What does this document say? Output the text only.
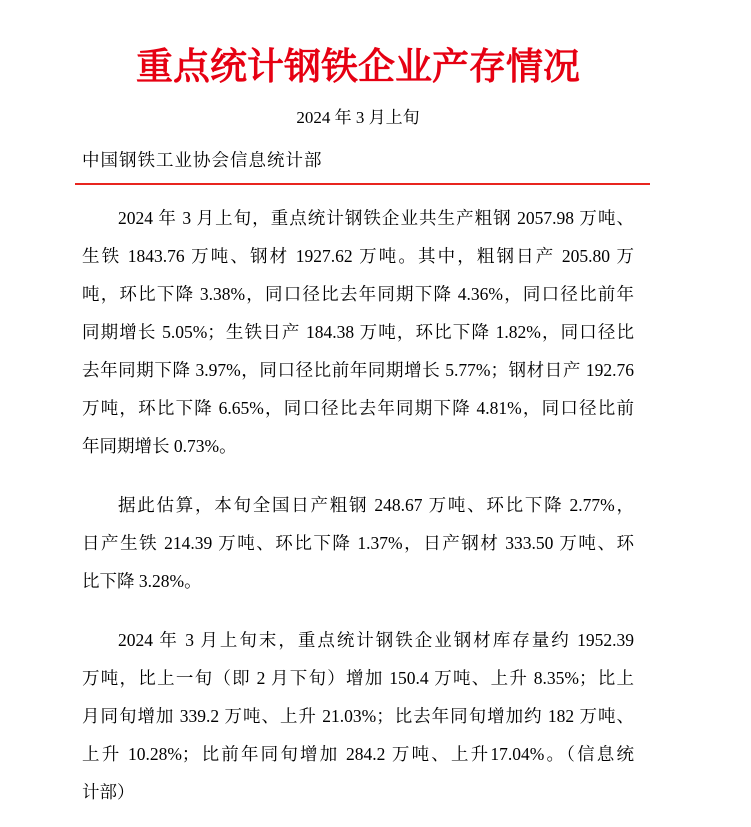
重点统计钢铁企业产存情况
2024 年 3 月上旬
中国钢铁工业协会信息统计部

2024 年 3 月上旬，重点统计钢铁企业共生产粗钢 2057.98 万吨、
生铁 1843.76 万吨、钢材 1927.62 万吨。其中，粗钢日产 205.80 万
吨，环比下降 3.38%，同口径比去年同期下降 4.36%，同口径比前年
同期增长 5.05%；生铁日产 184.38 万吨，环比下降 1.82%，同口径比
去年同期下降 3.97%，同口径比前年同期增长 5.77%；钢材日产 192.76
万吨，环比下降 6.65%，同口径比去年同期下降 4.81%，同口径比前
年同期增长 0.73%。

据此估算，本旬全国日产粗钢 248.67 万吨、环比下降 2.77%，
日产生铁 214.39 万吨、环比下降 1.37%，日产钢材 333.50 万吨、环
比下降 3.28%。

2024 年 3 月上旬末，重点统计钢铁企业钢材库存量约 1952.39
万吨，比上一旬（即 2 月下旬）增加 150.4 万吨、上升 8.35%；比上
月同旬增加 339.2 万吨、上升 21.03%；比去年同旬增加约 182 万吨、
上升 10.28%；比前年同旬增加 284.2 万吨、上升17.04%。（信息统
计部）
